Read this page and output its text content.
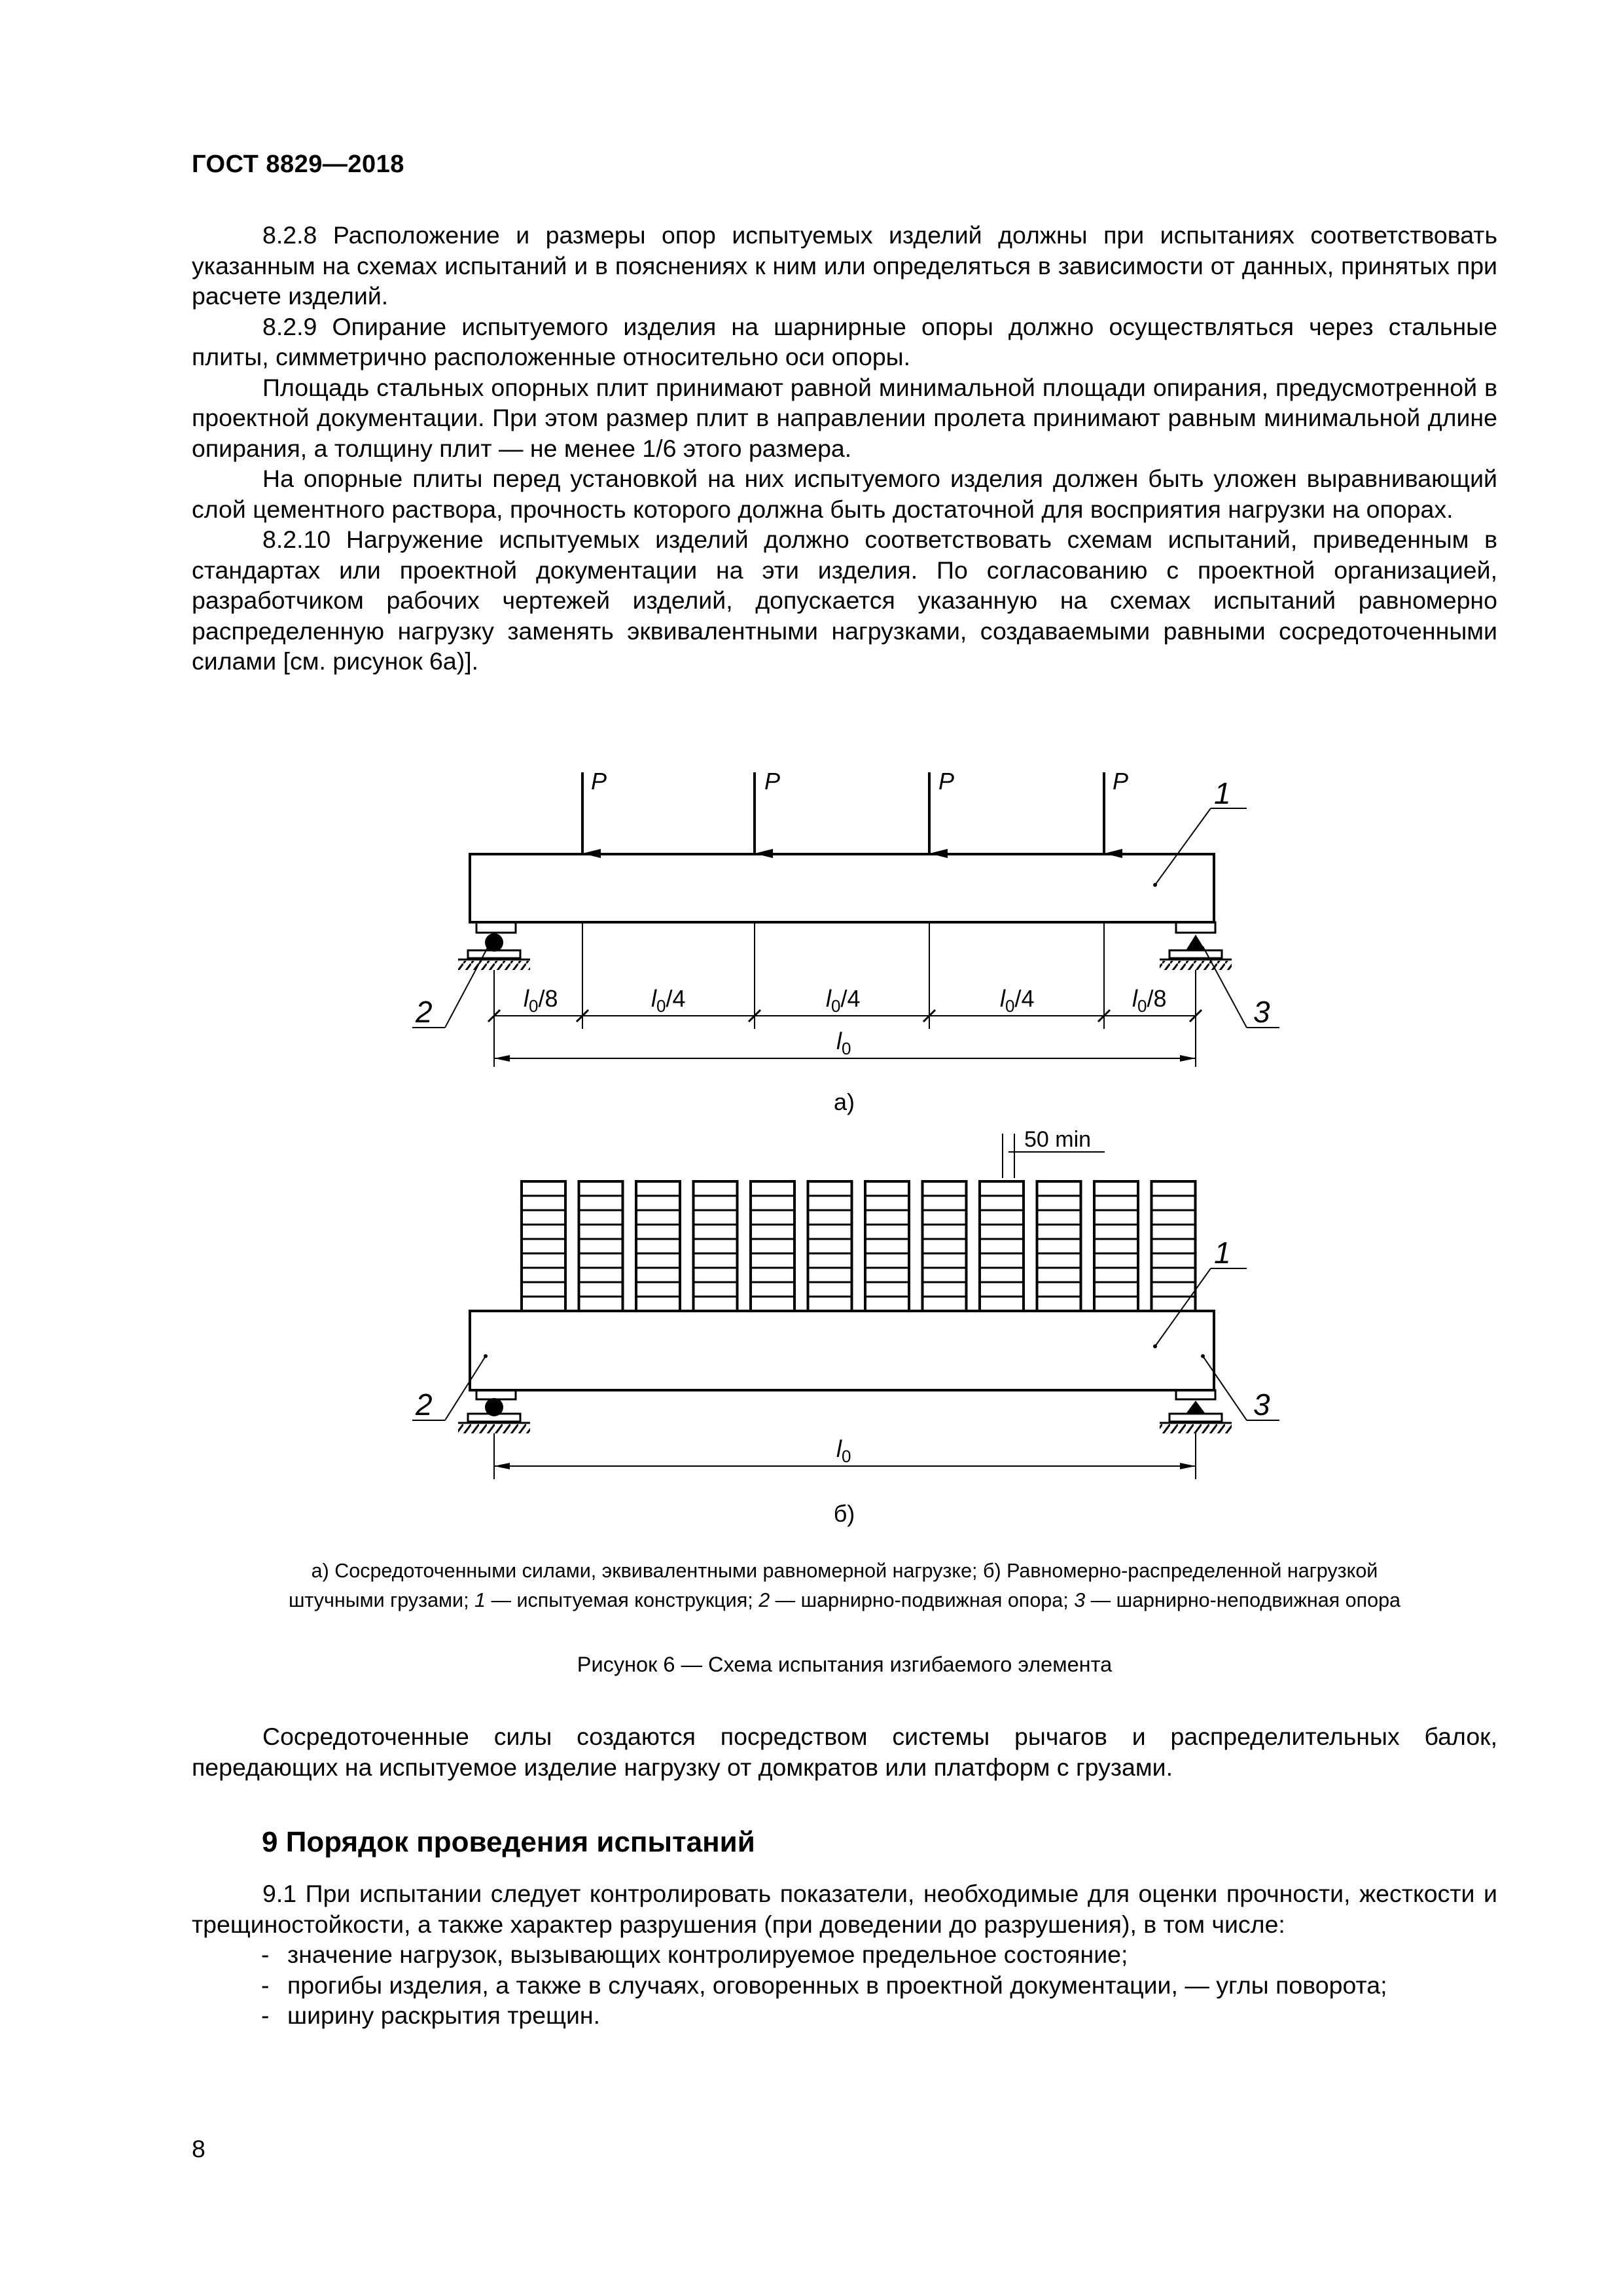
ГОСТ 8829—2018

8.2.8 Расположение и размеры опор испытуемых изделий должны при испытаниях соответствовать указанным на схемах испытаний и в пояснениях к ним или определяться в зависимости от данных, принятых при расчете изделий.

8.2.9 Опирание испытуемого изделия на шарнирные опоры должно осуществляться через стальные плиты, симметрично расположенные относительно оси опоры.

Площадь стальных опорных плит принимают равной минимальной площади опирания, предусмотренной в проектной документации. При этом размер плит в направлении пролета принимают равным минимальной длине опирания, а толщину плит — не менее 1/6 этого размера.

На опорные плиты перед установкой на них испытуемого изделия должен быть уложен выравнивающий слой цементного раствора, прочность которого должна быть достаточной для восприятия нагрузки на опорах.

8.2.10 Нагружение испытуемых изделий должно соответствовать схемам испытаний, приведенным в стандартах или проектной документации на эти изделия. По согласованию с проектной организацией, разработчиком рабочих чертежей изделий, допускается указанную на схемах испытаний равномерно распределенную нагрузку заменять эквивалентными нагрузками, создаваемыми равными сосредоточенными силами [см. рисунок 6а)].

P	P	P	P
$l_0/8$	$l_0/4$	$l_0/4$	$l_0/4$	$l_0/8$
$l_0$
1
2	3
а)
50 min
$l_0$
1
2	3
б)
а) Сосредоточенными силами, эквивалентными равномерной нагрузке; б) Равномерно-распределенной нагрузкой
штучными грузами; 1 — испытуемая конструкция; 2 — шарнирно-подвижная опора; 3 — шарнирно-неподвижная опора
Рисунок 6 — Схема испытания изгибаемого элемента

Сосредоточенные силы создаются посредством системы рычагов и распределительных балок, передающих на испытуемое изделие нагрузку от домкратов или платформ с грузами.

9 Порядок проведения испытаний

9.1 При испытании следует контролировать показатели, необходимые для оценки прочности, жесткости и трещиностойкости, а также характер разрушения (при доведении до разрушения), в том числе:

- значение нагрузок, вызывающих контролируемое предельное состояние;
- прогибы изделия, а также в случаях, оговоренных в проектной документации, — углы поворота;
- ширину раскрытия трещин.
8
